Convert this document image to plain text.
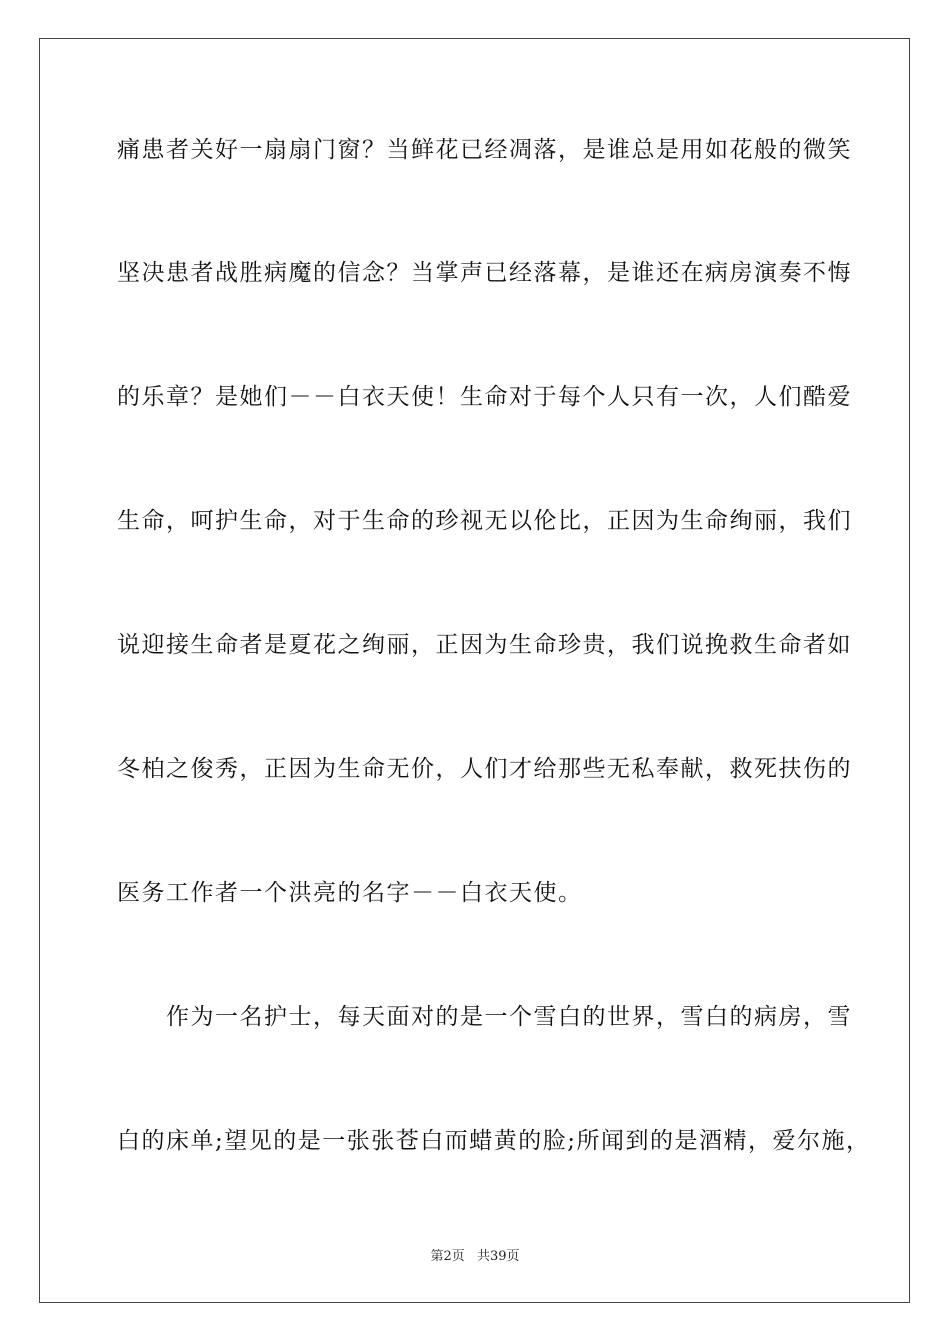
痛患者关好一扇扇门窗？当鲜花已经凋落，是谁总是用如花般的微笑
坚决患者战胜病魔的信念？当掌声已经落幕，是谁还在病房演奏不悔
的乐章？是她们－－白衣天使！生命对于每个人只有一次，人们酷爱
生命，呵护生命，对于生命的珍视无以伦比，正因为生命绚丽，我们
说迎接生命者是夏花之绚丽，正因为生命珍贵，我们说挽救生命者如
冬柏之俊秀，正因为生命无价，人们才给那些无私奉献，救死扶伤的
医务工作者一个洪亮的名字－－白衣天使。
　　作为一名护士，每天面对的是一个雪白的世界，雪白的病房，雪
白的床单;望见的是一张张苍白而蜡黄的脸;所闻到的是酒精，爱尔施，
第2页 共39页
